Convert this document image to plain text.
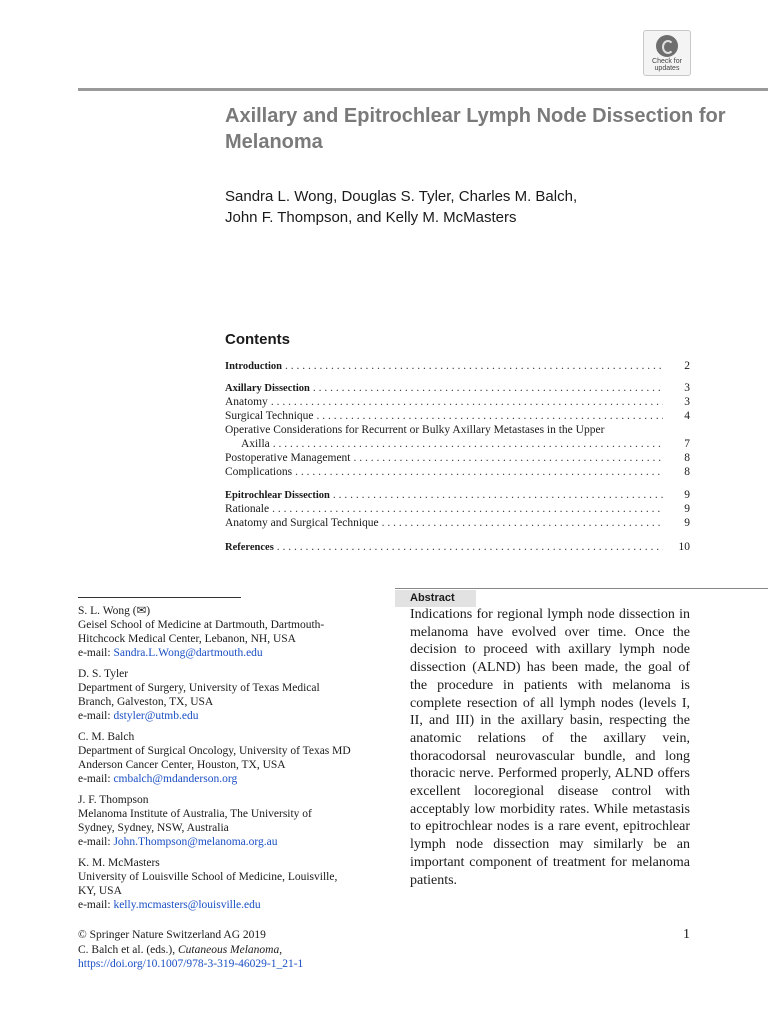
Check for
updates
Axillary and Epitrochlear Lymph Node Dissection for Melanoma
Sandra L. Wong, Douglas S. Tyler, Charles M. Balch,
John F. Thompson, and Kelly M. McMasters
Contents
Introduction . . .	2
Axillary Dissection . . .	3
Anatomy . . .	3
Surgical Technique . . .	4
Operative Considerations for Recurrent or Bulky Axillary Metastases in the Upper
Axilla . . .	7
Postoperative Management . . .	8
Complications . . .	8
Epitrochlear Dissection . . .	9
Rationale . . .	9
Anatomy and Surgical Technique . . .	9
References . . .	10
S. L. Wong (✉)
Geisel School of Medicine at Dartmouth, Dartmouth-
Hitchcock Medical Center, Lebanon, NH, USA
e-mail: Sandra.L.Wong@dartmouth.edu
D. S. Tyler
Department of Surgery, University of Texas Medical
Branch, Galveston, TX, USA
e-mail: dstyler@utmb.edu
C. M. Balch
Department of Surgical Oncology, University of Texas MD
Anderson Cancer Center, Houston, TX, USA
e-mail: cmbalch@mdanderson.org
J. F. Thompson
Melanoma Institute of Australia, The University of
Sydney, Sydney, NSW, Australia
e-mail: John.Thompson@melanoma.org.au
K. M. McMasters
University of Louisville School of Medicine, Louisville,
KY, USA
e-mail: kelly.mcmasters@louisville.edu
Abstract
Indications for regional lymph node dissection in melanoma have evolved over time. Once the decision to proceed with axillary lymph node dissection (ALND) has been made, the goal of the procedure in patients with melanoma is complete resection of all lymph nodes (levels I, II, and III) in the axillary basin, respecting the anatomic relations of the axillary vein, thoracodorsal neurovascular bundle, and long thoracic nerve. Performed properly, ALND offers excellent locoregional disease control with acceptably low morbidity rates. While metastasis to epitrochlear nodes is a rare event, epitrochlear lymph node dissection may similarly be an important component of treatment for melanoma patients.
© Springer Nature Switzerland AG 2019
C. Balch et al. (eds.), Cutaneous Melanoma,
https://doi.org/10.1007/978-3-319-46029-1_21-1
1
